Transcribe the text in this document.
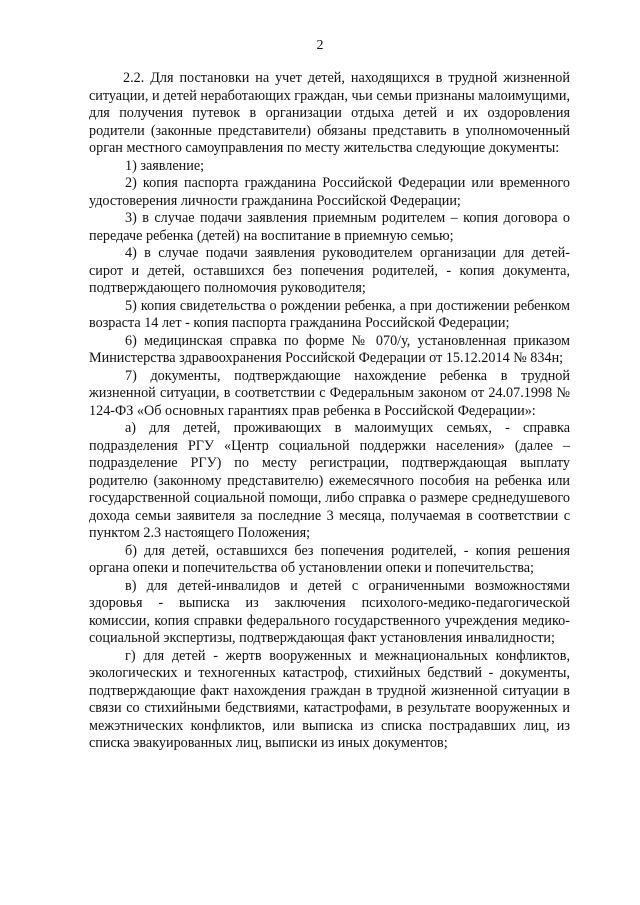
2

2.2. Для постановки на учет детей, находящихся в трудной жизненной ситуации, и детей неработающих граждан, чьи семьи признаны малоимущими, для получения путевок в организации отдыха детей и их оздоровления родители (законные представители) обязаны представить в уполномоченный орган местного самоуправления по месту жительства следующие документы:

1) заявление;

2) копия паспорта гражданина Российской Федерации или временного удостоверения личности гражданина Российской Федерации;

3) в случае подачи заявления приемным родителем – копия договора о передаче ребенка (детей) на воспитание в приемную семью;

4) в случае подачи заявления руководителем организации для детей-сирот и детей, оставшихся без попечения родителей, - копия документа, подтверждающего полномочия руководителя;

5) копия свидетельства о рождении ребенка, а при достижении ребенком возраста 14 лет - копия паспорта гражданина Российской Федерации;

6) медицинская справка по форме № 070/у, установленная приказом Министерства здравоохранения Российской Федерации от 15.12.2014 № 834н;

7) документы, подтверждающие нахождение ребенка в трудной жизненной ситуации, в соответствии с Федеральным законом от 24.07.1998 № 124-ФЗ «Об основных гарантиях прав ребенка в Российской Федерации»:

а) для детей, проживающих в малоимущих семьях, - справка подразделения РГУ «Центр социальной поддержки населения» (далее – подразделение РГУ) по месту регистрации, подтверждающая выплату родителю (законному представителю) ежемесячного пособия на ребенка или государственной социальной помощи, либо справка о размере среднедушевого дохода семьи заявителя за последние 3 месяца, получаемая в соответствии с пунктом 2.3 настоящего Положения;

б) для детей, оставшихся без попечения родителей, - копия решения органа опеки и попечительства об установлении опеки и попечительства;

в) для детей-инвалидов и детей с ограниченными возможностями здоровья - выписка из заключения психолого-медико-педагогической комиссии, копия справки федерального государственного учреждения медико-социальной экспертизы, подтверждающая факт установления инвалидности;

г) для детей - жертв вооруженных и межнациональных конфликтов, экологических и техногенных катастроф, стихийных бедствий - документы, подтверждающие факт нахождения граждан в трудной жизненной ситуации в связи со стихийными бедствиями, катастрофами, в результате вооруженных и межэтнических конфликтов, или выписка из списка пострадавших лиц, из списка эвакуированных лиц, выписки из иных документов;
